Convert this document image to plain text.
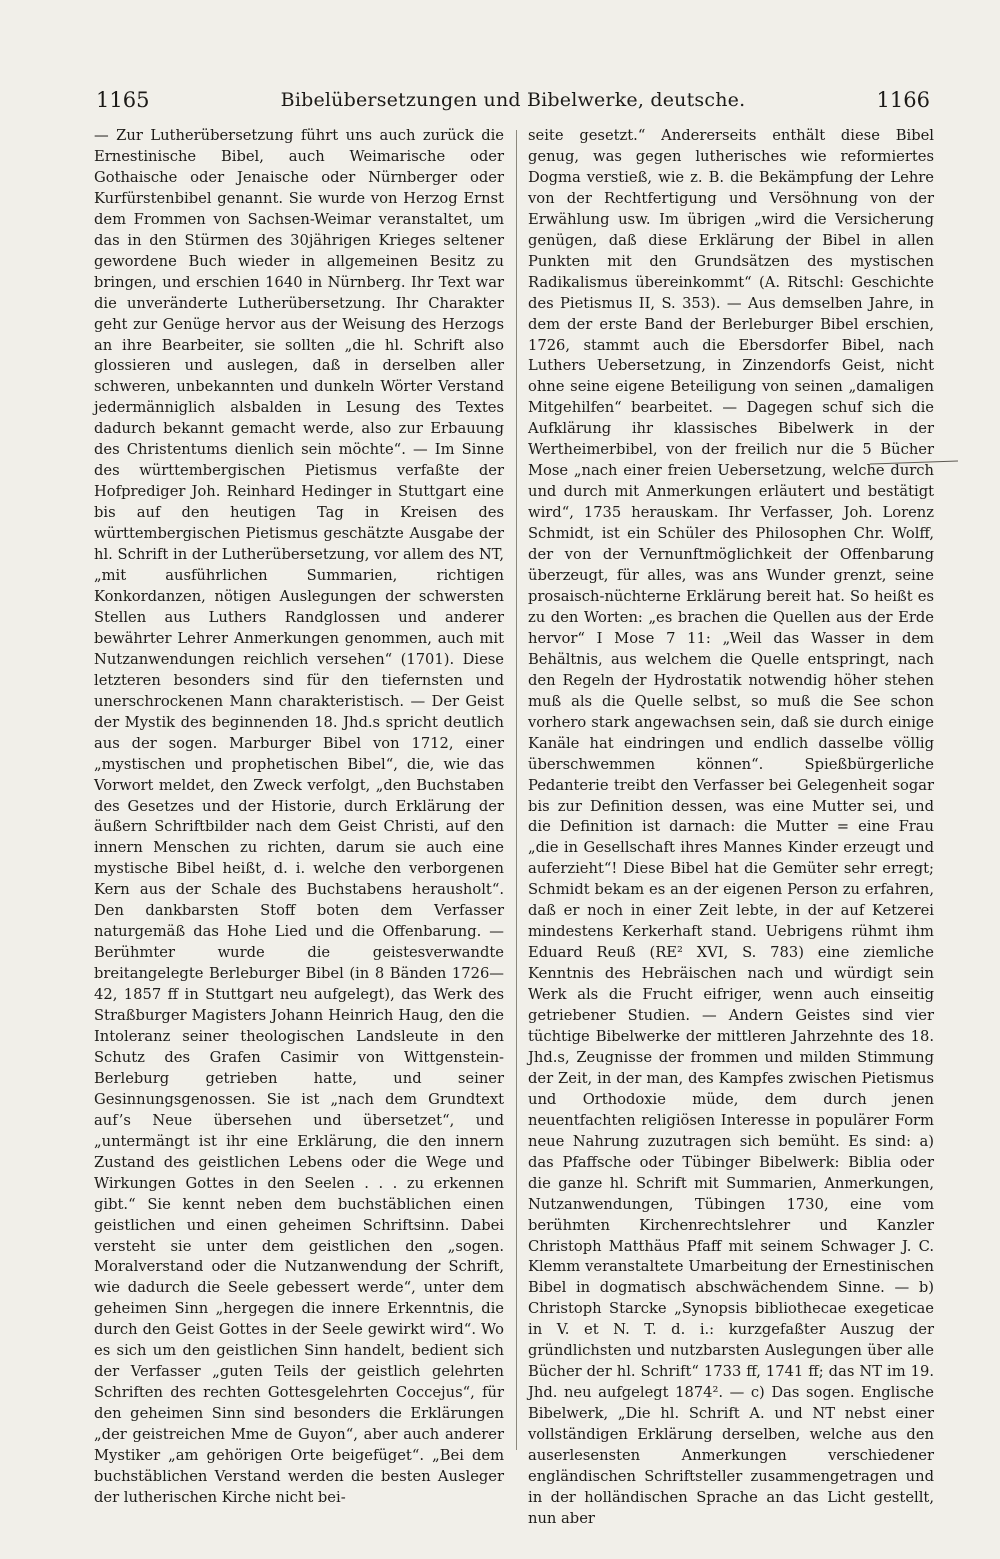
1165	Bibelübersetzungen und Bibelwerke, deutsche.	1166

— Zur Lutherübersetzung führt uns auch zurück die Ernestinische Bibel, auch Weimarische oder Gothaische oder Jenaische oder Nürnberger oder Kurfürstenbibel genannt. Sie wurde von Herzog Ernst dem Frommen von Sachsen-Weimar veranstaltet, um das in den Stürmen des 30jährigen Krieges seltener gewordene Buch wieder in allgemeinen Besitz zu bringen, und erschien 1640 in Nürnberg. Ihr Text war die unveränderte Lutherübersetzung. Ihr Charakter geht zur Genüge hervor aus der Weisung des Herzogs an ihre Bearbeiter, sie sollten „die hl. Schrift also glossieren und auslegen, daß in derselben aller schweren, unbekannten und dunkeln Wörter Verstand jedermänniglich alsbalden in Lesung des Textes dadurch bekannt gemacht werde, also zur Erbauung des Christentums dienlich sein möchte“. — Im Sinne des württembergischen Pietismus verfaßte der Hofprediger Joh. Reinhard Hedinger in Stuttgart eine bis auf den heutigen Tag in Kreisen des württembergischen Pietismus geschätzte Ausgabe der hl. Schrift in der Lutherübersetzung, vor allem des NT, „mit ausführlichen Summarien, richtigen Konkordanzen, nötigen Auslegungen der schwersten Stellen aus Luthers Randglossen und anderer bewährter Lehrer Anmerkungen genommen, auch mit Nutzanwendungen reichlich versehen“ (1701). Diese letzteren besonders sind für den tiefernsten und unerschrockenen Mann charakteristisch. — Der Geist der Mystik des beginnenden 18. Jhd.s spricht deutlich aus der sogen. Marburger Bibel von 1712, einer „mystischen und prophetischen Bibel“, die, wie das Vorwort meldet, den Zweck verfolgt, „den Buchstaben des Gesetzes und der Historie, durch Erklärung der äußern Schriftbilder nach dem Geist Christi, auf den innern Menschen zu richten, darum sie auch eine mystische Bibel heißt, d. i. welche den verborgenen Kern aus der Schale des Buchstabens herausholt“. Den dankbarsten Stoff boten dem Verfasser naturgemäß das Hohe Lied und die Offenbarung. — Berühmter wurde die geistesverwandte breitangelegte Berleburger Bibel (in 8 Bänden 1726—42, 1857 ff in Stuttgart neu aufgelegt), das Werk des Straßburger Magisters Johann Heinrich Haug, den die Intoleranz seiner theologischen Landsleute in den Schutz des Grafen Casimir von Wittgenstein-Berleburg getrieben hatte, und seiner Gesinnungsgenossen. Sie ist „nach dem Grundtext auf’s Neue übersehen und übersetzet“, und „untermängt ist ihr eine Erklärung, die den innern Zustand des geistlichen Lebens oder die Wege und Wirkungen Gottes in den Seelen . . . zu erkennen gibt.“ Sie kennt neben dem buchstäblichen einen geistlichen und einen geheimen Schriftsinn. Dabei versteht sie unter dem geistlichen den „sogen. Moralverstand oder die Nutzanwendung der Schrift, wie dadurch die Seele gebessert werde“, unter dem geheimen Sinn „hergegen die innere Erkenntnis, die durch den Geist Gottes in der Seele gewirkt wird“. Wo es sich um den geistlichen Sinn handelt, bedient sich der Verfasser „guten Teils der geistlich gelehrten Schriften des rechten Gottesgelehrten Coccejus“, für den geheimen Sinn sind besonders die Erklärungen „der geistreichen Mme de Guyon“, aber auch anderer Mystiker „am gehörigen Orte beigefüget“. „Bei dem buchstäblichen Verstand werden die besten Ausleger der lutherischen Kirche nicht bei-

seite gesetzt.“ Andererseits enthält diese Bibel genug, was gegen lutherisches wie reformiertes Dogma verstieß, wie z. B. die Bekämpfung der Lehre von der Rechtfertigung und Versöhnung von der Erwählung usw. Im übrigen „wird die Versicherung genügen, daß diese Erklärung der Bibel in allen Punkten mit den Grundsätzen des mystischen Radikalismus übereinkommt“ (A. Ritschl: Geschichte des Pietismus II, S. 353). — Aus demselben Jahre, in dem der erste Band der Berleburger Bibel erschien, 1726, stammt auch die Ebersdorfer Bibel, nach Luthers Uebersetzung, in Zinzendorfs Geist, nicht ohne seine eigene Beteiligung von seinen „damaligen Mitgehilfen“ bearbeitet. — Dagegen schuf sich die Aufklärung ihr klassisches Bibelwerk in der Wertheimerbibel, von der freilich nur die 5 Bücher Mose „nach einer freien Uebersetzung, welche durch und durch mit Anmerkungen erläutert und bestätigt wird“, 1735 herauskam. Ihr Verfasser, Joh. Lorenz Schmidt, ist ein Schüler des Philosophen Chr. Wolff, der von der Vernunftmöglichkeit der Offenbarung überzeugt, für alles, was ans Wunder grenzt, seine prosaisch-nüchterne Erklärung bereit hat. So heißt es zu den Worten: „es brachen die Quellen aus der Erde hervor“ I Mose 7 11: „Weil das Wasser in dem Behältnis, aus welchem die Quelle entspringt, nach den Regeln der Hydrostatik notwendig höher stehen muß als die Quelle selbst, so muß die See schon vorhero stark angewachsen sein, daß sie durch einige Kanäle hat eindringen und endlich dasselbe völlig überschwemmen können“. Spießbürgerliche Pedanterie treibt den Verfasser bei Gelegenheit sogar bis zur Definition dessen, was eine Mutter sei, und die Definition ist darnach: die Mutter = eine Frau „die in Gesellschaft ihres Mannes Kinder erzeugt und auferzieht“! Diese Bibel hat die Gemüter sehr erregt; Schmidt bekam es an der eigenen Person zu erfahren, daß er noch in einer Zeit lebte, in der auf Ketzerei mindestens Kerkerhaft stand. Uebrigens rühmt ihm Eduard Reuß (RE² XVI, S. 783) eine ziemliche Kenntnis des Hebräischen nach und würdigt sein Werk als die Frucht eifriger, wenn auch einseitig getriebener Studien. — Andern Geistes sind vier tüchtige Bibelwerke der mittleren Jahrzehnte des 18. Jhd.s, Zeugnisse der frommen und milden Stimmung der Zeit, in der man, des Kampfes zwischen Pietismus und Orthodoxie müde, dem durch jenen neuentfachten religiösen Interesse in populärer Form neue Nahrung zuzutragen sich bemüht. Es sind: a) das Pfaffsche oder Tübinger Bibelwerk: Biblia oder die ganze hl. Schrift mit Summarien, Anmerkungen, Nutzanwendungen, Tübingen 1730, eine vom berühmten Kirchenrechtslehrer und Kanzler Christoph Matthäus Pfaff mit seinem Schwager J. C. Klemm veranstaltete Umarbeitung der Ernestinischen Bibel in dogmatisch abschwächendem Sinne. — b) Christoph Starcke „Synopsis bibliothecae exegeticae in V. et N. T. d. i.: kurzgefaßter Auszug der gründlichsten und nutzbarsten Auslegungen über alle Bücher der hl. Schrift“ 1733 ff, 1741 ff; das NT im 19. Jhd. neu aufgelegt 1874². — c) Das sogen. Englische Bibelwerk, „Die hl. Schrift A. und NT nebst einer vollständigen Erklärung derselben, welche aus den auserlesensten Anmerkungen verschiedener engländischen Schriftsteller zusammengetragen und in der holländischen Sprache an das Licht gestellt, nun aber
